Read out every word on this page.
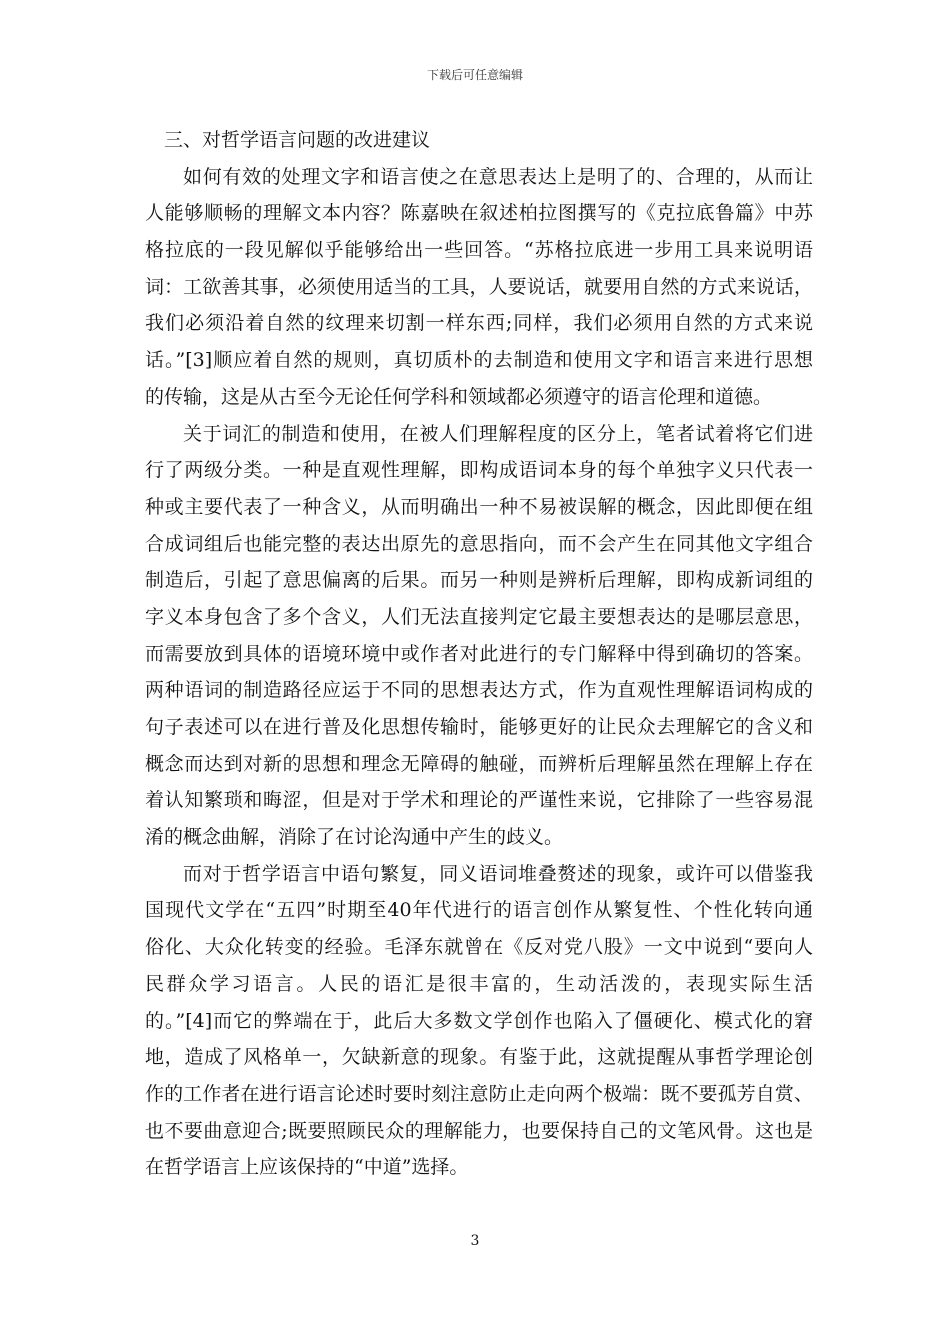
下载后可任意编辑
三、对哲学语言问题的改进建议
如何有效的处理文字和语言使之在意思表达上是明了的、合理的，从而让
人能够顺畅的理解文本内容？陈嘉映在叙述柏拉图撰写的《克拉底鲁篇》中苏
格拉底的一段见解似乎能够给出一些回答。“苏格拉底进一步用工具来说明语
词：工欲善其事，必须使用适当的工具，人要说话，就要用自然的方式来说话，
我们必须沿着自然的纹理来切割一样东西;同样，我们必须用自然的方式来说
话。”[3]顺应着自然的规则，真切质朴的去制造和使用文字和语言来进行思想
的传输，这是从古至今无论任何学科和领域都必须遵守的语言伦理和道德。
关于词汇的制造和使用，在被人们理解程度的区分上，笔者试着将它们进
行了两级分类。一种是直观性理解，即构成语词本身的每个单独字义只代表一
种或主要代表了一种含义，从而明确出一种不易被误解的概念，因此即便在组
合成词组后也能完整的表达出原先的意思指向，而不会产生在同其他文字组合
制造后，引起了意思偏离的后果。而另一种则是辨析后理解，即构成新词组的
字义本身包含了多个含义，人们无法直接判定它最主要想表达的是哪层意思，
而需要放到具体的语境环境中或作者对此进行的专门解释中得到确切的答案。
两种语词的制造路径应运于不同的思想表达方式，作为直观性理解语词构成的
句子表述可以在进行普及化思想传输时，能够更好的让民众去理解它的含义和
概念而达到对新的思想和理念无障碍的触碰，而辨析后理解虽然在理解上存在
着认知繁琐和晦涩，但是对于学术和理论的严谨性来说，它排除了一些容易混
淆的概念曲解，消除了在讨论沟通中产生的歧义。
而对于哲学语言中语句繁复，同义语词堆叠赘述的现象，或许可以借鉴我
国现代文学在“五四”时期至40年代进行的语言创作从繁复性、个性化转向通
俗化、大众化转变的经验。毛泽东就曾在《反对党八股》一文中说到“要向人
民群众学习语言。人民的语汇是很丰富的，生动活泼的，表现实际生活
的。”[4]而它的弊端在于，此后大多数文学创作也陷入了僵硬化、模式化的窘
地，造成了风格单一，欠缺新意的现象。有鉴于此，这就提醒从事哲学理论创
作的工作者在进行语言论述时要时刻注意防止走向两个极端：既不要孤芳自赏、
也不要曲意迎合;既要照顾民众的理解能力，也要保持自己的文笔风骨。这也是
在哲学语言上应该保持的“中道”选择。
3
